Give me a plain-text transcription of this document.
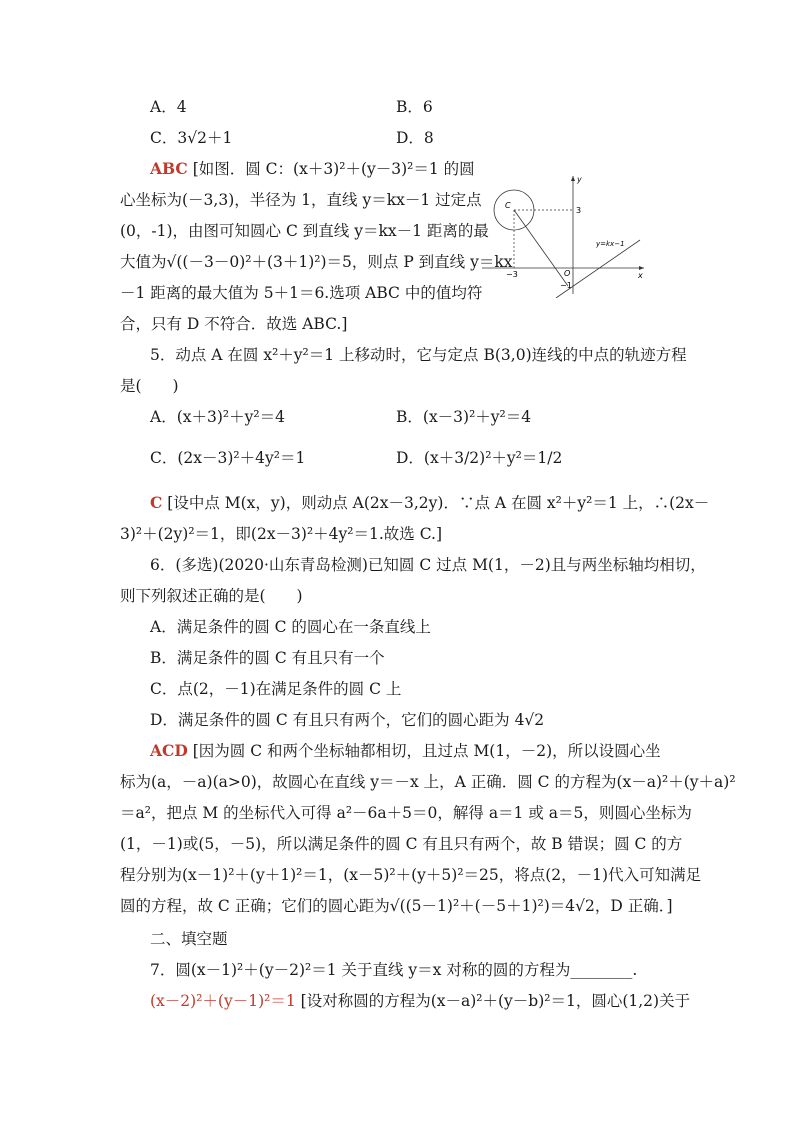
A．4	B．6
C．3√2＋1	D．8
ABC [如图．圆 C：(x＋3)²＋(y－3)²＝1 的圆
心坐标为(－3,3)，半径为 1，直线 y＝kx－1 过定点
(0，-1)，由图可知圆心 C 到直线 y＝kx－1 距离的最
大值为√((－3－0)²＋(3＋1)²)＝5，则点 P 到直线 y＝kx
－1 距离的最大值为 5＋1＝6.选项 ABC 中的值均符
合，只有 D 不符合．故选 ABC.]
C
y
x
O
3
−3
−1
y=kx−1
5．动点 A 在圆 x²＋y²＝1 上移动时，它与定点 B(3,0)连线的中点的轨迹方程
是(　　)
A．(x＋3)²＋y²＝4	B．(x－3)²＋y²＝4
C．(2x－3)²＋4y²＝1	D．(x＋3/2)²＋y²＝1/2
C [设中点 M(x，y)，则动点 A(2x－3,2y)．∵点 A 在圆 x²＋y²＝1 上，∴(2x－
3)²＋(2y)²＝1，即(2x－3)²＋4y²＝1.故选 C.]
6．(多选)(2020·山东青岛检测)已知圆 C 过点 M(1，－2)且与两坐标轴均相切，
则下列叙述正确的是(　　)
A．满足条件的圆 C 的圆心在一条直线上
B．满足条件的圆 C 有且只有一个
C．点(2，－1)在满足条件的圆 C 上
D．满足条件的圆 C 有且只有两个，它们的圆心距为 4√2
ACD [因为圆 C 和两个坐标轴都相切，且过点 M(1，－2)，所以设圆心坐
标为(a，－a)(a>0)，故圆心在直线 y＝－x 上，A 正确．圆 C 的方程为(x－a)²＋(y＋a)²
＝a²，把点 M 的坐标代入可得 a²－6a＋5＝0，解得 a＝1 或 a＝5，则圆心坐标为
(1，－1)或(5，－5)，所以满足条件的圆 C 有且只有两个，故 B 错误；圆 C 的方
程分别为(x－1)²＋(y＋1)²＝1，(x－5)²＋(y＋5)²＝25，将点(2，－1)代入可知满足
圆的方程，故 C 正确；它们的圆心距为√((5－1)²＋(－5＋1)²)＝4√2，D 正确．]
二、填空题
7．圆(x－1)²＋(y－2)²＝1 关于直线 y＝x 对称的圆的方程为________.
(x－2)²＋(y－1)²＝1 [设对称圆的方程为(x－a)²＋(y－b)²＝1，圆心(1,2)关于
